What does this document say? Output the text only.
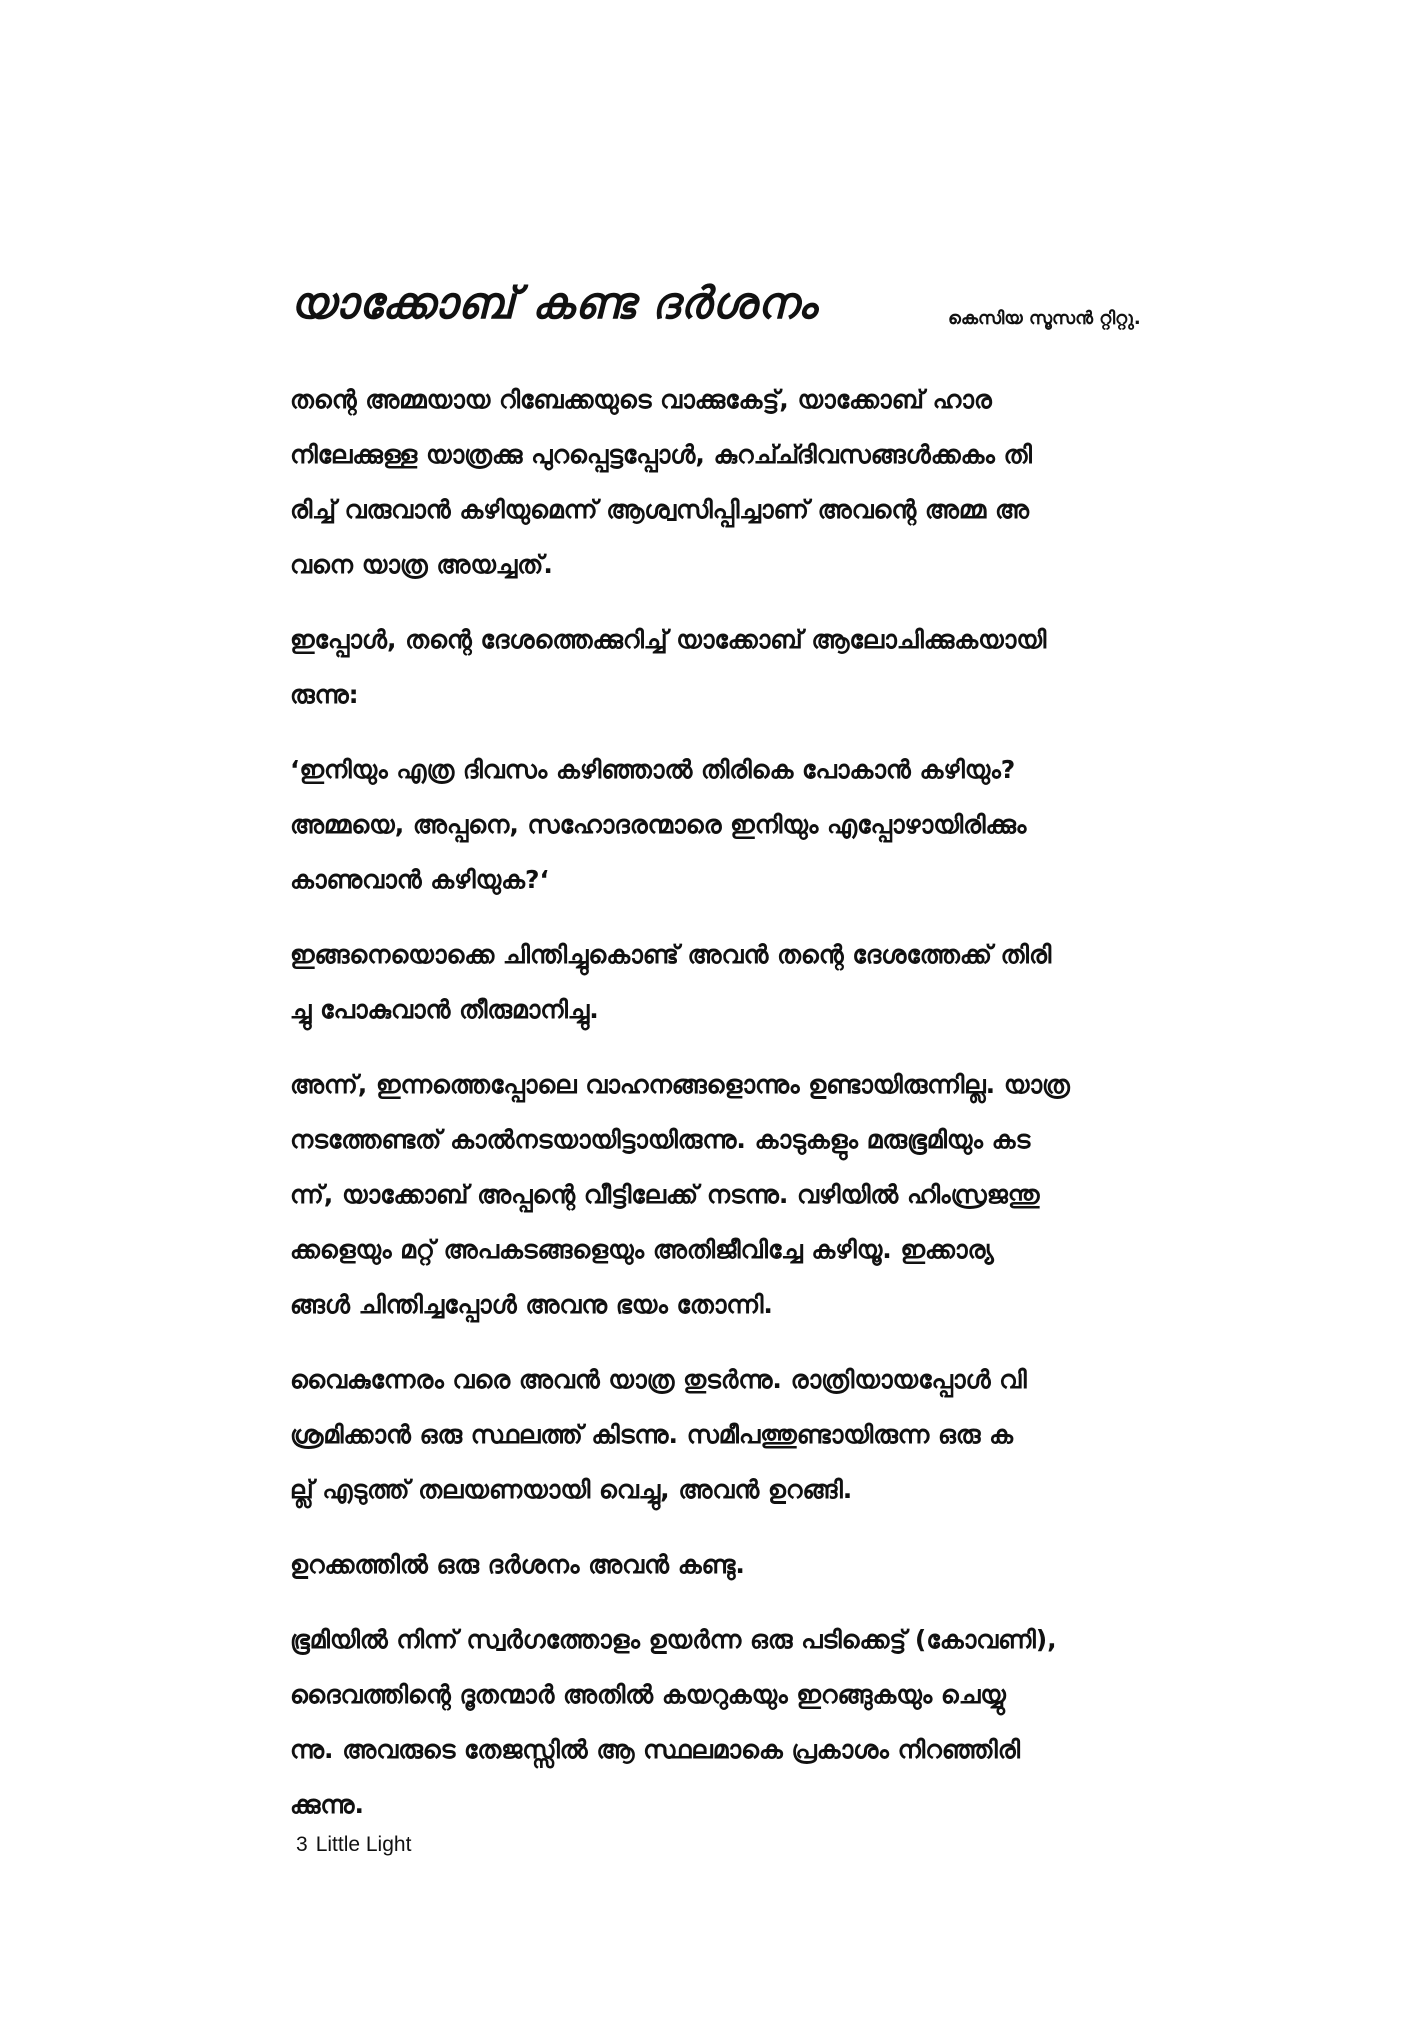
യാക്കോബ് കണ്ട ദർശനം	കെസിയ സൂസൻ റ്റിറ്റു.

തന്റെ അമ്മയായ റിബേക്കയുടെ വാക്കുകേട്ട്, യാക്കോബ് ഹാര
നിലേക്കുള്ള യാത്രക്കു പുറപ്പെട്ടപ്പോൾ, കുറച്ച്ദിവസങ്ങൾക്കകം തി
രിച്ച് വരുവാൻ കഴിയുമെന്ന് ആശ്വസിപ്പിച്ചാണ് അവന്റെ അമ്മ അ
വനെ യാത്ര അയച്ചത്.

ഇപ്പോൾ, തന്റെ ദേശത്തെക്കുറിച്ച് യാക്കോബ് ആലോചിക്കുകയായി
രുന്നു:

‘ഇനിയും എത്ര ദിവസം കഴിഞ്ഞാൽ തിരികെ പോകാൻ കഴിയും?
അമ്മയെ, അപ്പനെ, സഹോദരന്മാരെ ഇനിയും എപ്പോഴായിരിക്കും
കാണുവാൻ കഴിയുക?‘

ഇങ്ങനെയൊക്കെ ചിന്തിച്ചുകൊണ്ട് അവൻ തന്റെ ദേശത്തേക്ക് തിരി
ച്ചു പോകുവാൻ തീരുമാനിച്ചു.

അന്ന്, ഇന്നത്തെപ്പോലെ വാഹനങ്ങളൊന്നും ഉണ്ടായിരുന്നില്ല. യാത്ര
നടത്തേണ്ടത് കാൽനടയായിട്ടായിരുന്നു. കാടുകളും മരുഭൂമിയും കട
ന്ന്, യാക്കോബ് അപ്പന്റെ വീട്ടിലേക്ക് നടന്നു. വഴിയിൽ ഹിംസ്രജന്തു
ക്കളെയും മറ്റ് അപകടങ്ങളെയും അതിജീവിച്ചേ കഴിയൂ. ഇക്കാര്യ
ങ്ങൾ ചിന്തിച്ചപ്പോൾ അവനു ഭയം തോന്നി.

വൈകുന്നേരം വരെ അവൻ യാത്ര തുടർന്നു. രാത്രിയായപ്പോൾ വി
ശ്രമിക്കാൻ ഒരു സ്ഥലത്ത് കിടന്നു. സമീപത്തുണ്ടായിരുന്ന ഒരു ക
ല്ല് എടുത്ത് തലയണയായി വെച്ചു, അവൻ ഉറങ്ങി.

ഉറക്കത്തിൽ ഒരു ദർശനം അവൻ കണ്ടു.

ഭൂമിയിൽ നിന്ന് സ്വർഗത്തോളം ഉയർന്ന ഒരു പടിക്കെട്ട് (കോവണി),
ദൈവത്തിന്റെ ദൂതന്മാർ അതിൽ കയറുകയും ഇറങ്ങുകയും ചെയ്യു
ന്നു. അവരുടെ തേജസ്സിൽ ആ സ്ഥലമാകെ പ്രകാശം നിറഞ്ഞിരി
ക്കുന്നു.

3 Little Light
